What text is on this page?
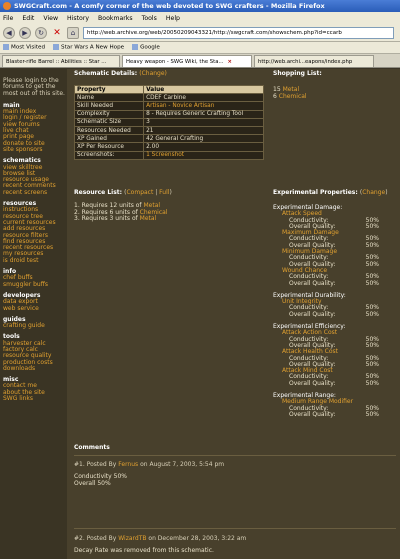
SWGCraft.com - A comfy corner of the web devoted to SWG crafters - Mozilla Firefox
File Edit View History Bookmarks Tools Help
◀	▶	↻	✕	⌂	http://web.archive.org/web/20050209043321/http://swgcraft.com/showschem.php?id=ccarb
Most Visited	Star Wars A New Hope	Google
Blaster-rifle Barrel :: Abilities :: Star ...	Heavy weapon - SWG Wiki, the Sta... ×	http://web.archi...eapons/index.php
Please login to the forums to get the most out of this site.
main
main index
login / register
view forums
live chat
print page
donate to site
site sponsors
schematics
view skilltree
browse list
resource usage
recent comments
recent screens
resources
instructions
resource tree
current resources
add resources
resource filters
find resources
recent resources
my resources
is droid test
info
chef buffs
smuggler buffs
developers
data export
web service
guides
crafting guide
tools
harvester calc
factory calc
resource quality
production costs
downloads
misc
contact me
about the site
SWG links
Schematic Details: (Change)	Shopping List:
15 Metal
6 Chemical
Property	Value
Name	CDEF Carbine
Skill Needed	Artisan - Novice Artisan
Complexity	8 - Requires Generic Crafting Tool
Schematic Size	3
Resources Needed	21
XP Gained	42 General Crafting
XP Per Resource	2.00
Screenshots:	1 Screenshot
Resource List: (Compact | Full)
1. Requires 12 units of Metal
2. Requires 6 units of Chemical
3. Requires 3 units of Metal
Experimental Properties: (Change)
Experimental Damage:
Attack Speed
Conductivity:	50%
Overall Quality:	50%
Maximum Damage
Conductivity:	50%
Overall Quality:	50%
Minimum Damage
Conductivity:	50%
Overall Quality:	50%
Wound Chance
Conductivity:	50%
Overall Quality:	50%
Experimental Durability:
Unit Integrity
Conductivity:	50%
Overall Quality:	50%
Experimental Efficiency:
Attack Action Cost
Conductivity:	50%
Overall Quality:	50%
Attack Health Cost
Conductivity:	50%
Overall Quality:	50%
Attack Mind Cost
Conductivity:	50%
Overall Quality:	50%
Experimental Range:
Medium Range Modifier
Conductivity:	50%
Overall Quality:	50%
Comments
#1. Posted By Fernus on August 7, 2003, 5:54 pm
Conductivity 50%
Overall 50%
#2. Posted By WizardTB on December 28, 2003, 3:22 am
Decay Rate was removed from this schematic.
